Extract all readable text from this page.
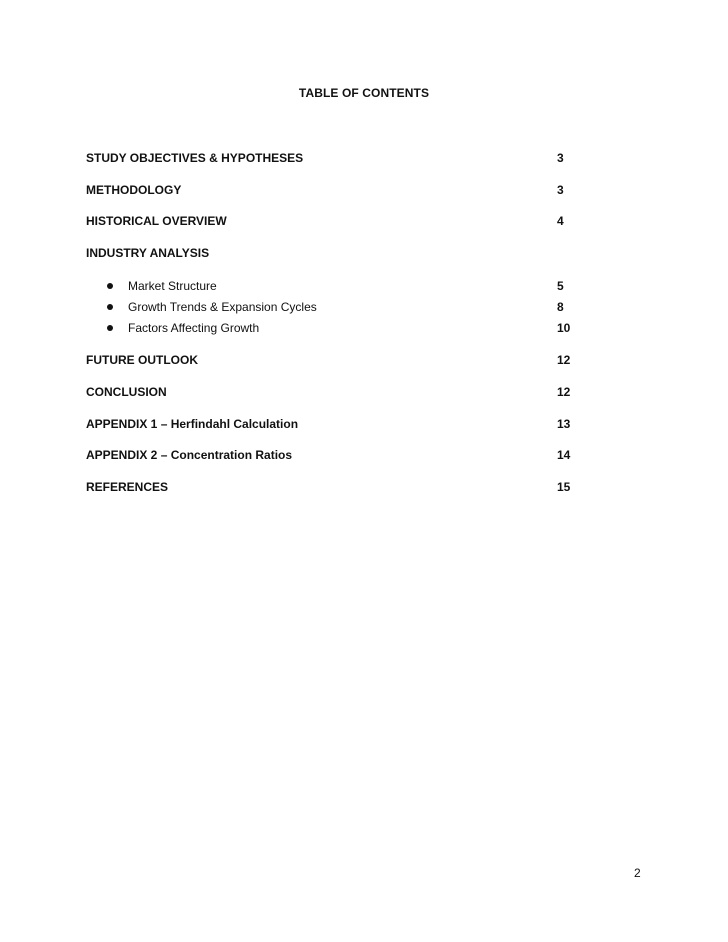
TABLE OF CONTENTS
STUDY OBJECTIVES & HYPOTHESES	3
METHODOLOGY	3
HISTORICAL OVERVIEW	4
INDUSTRY ANALYSIS
Market Structure	5
Growth Trends & Expansion Cycles	8
Factors Affecting Growth	10
FUTURE OUTLOOK	12
CONCLUSION	12
APPENDIX 1 – Herfindahl Calculation	13
APPENDIX 2 – Concentration Ratios	14
REFERENCES	15
2
